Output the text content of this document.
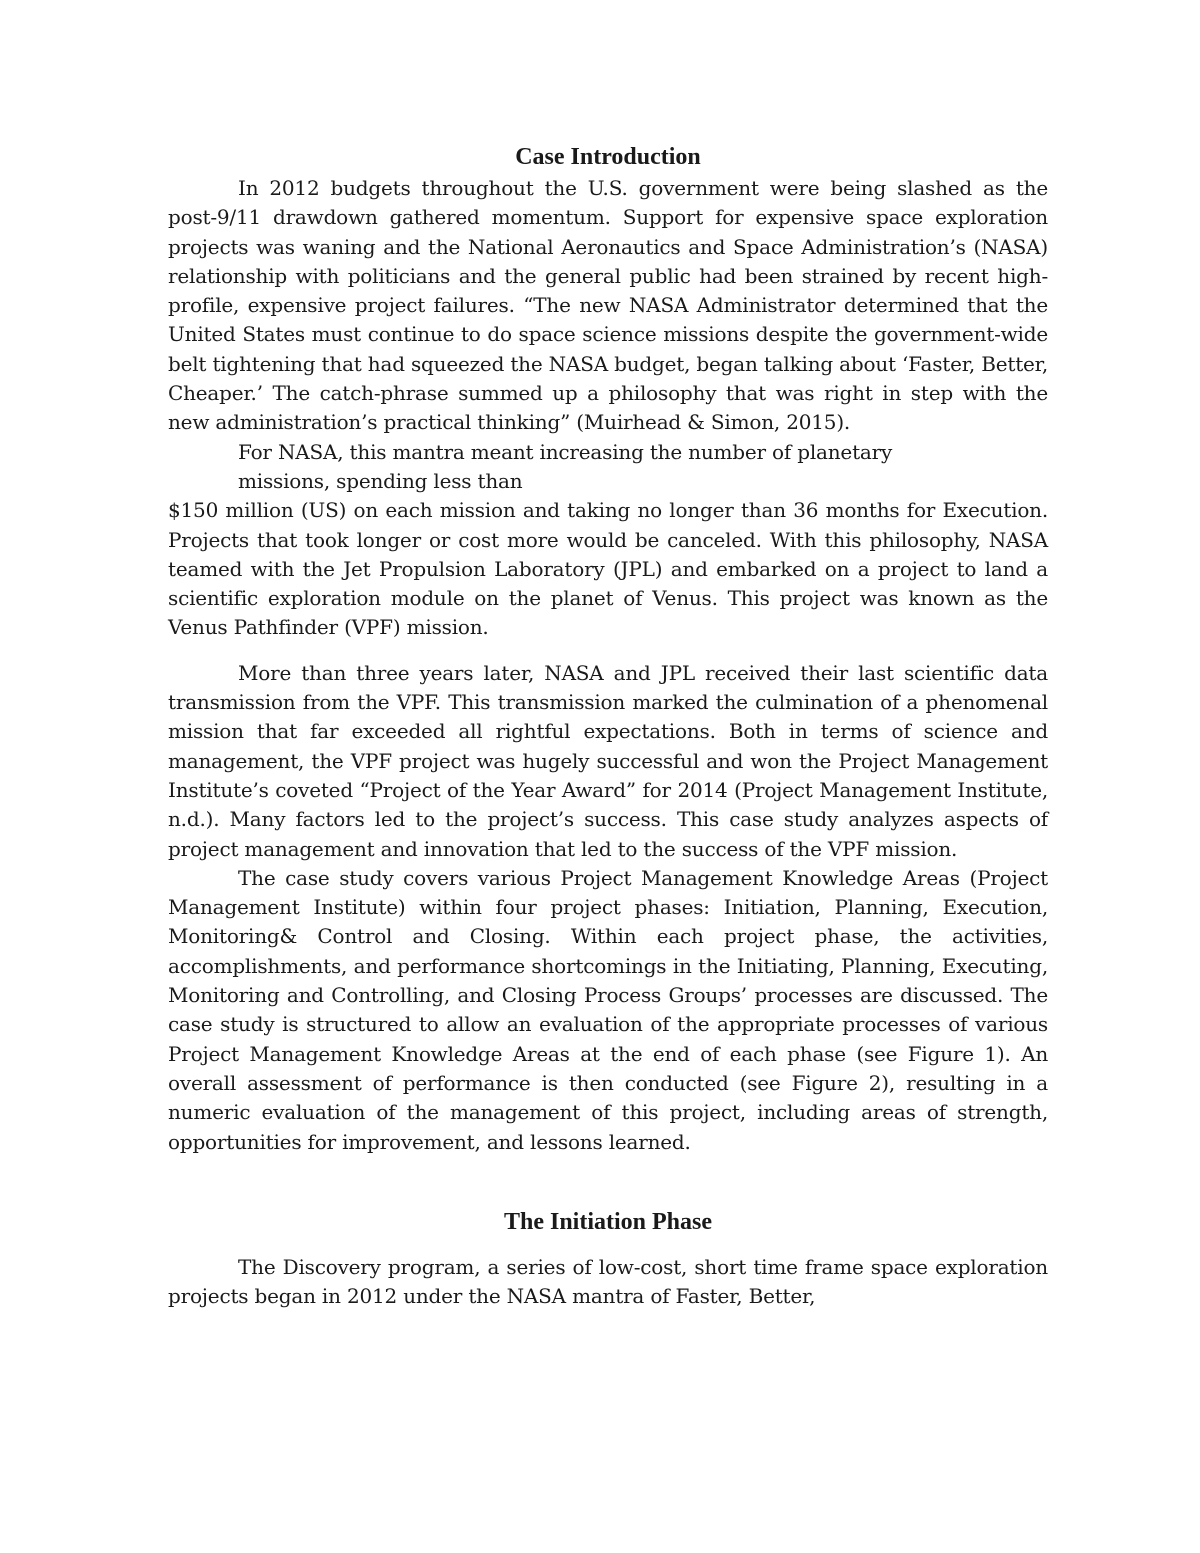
Case Introduction

In 2012 budgets throughout the U.S. government were being slashed as the post-9/11 drawdown gathered momentum. Support for expensive space exploration projects was waning and the National Aeronautics and Space Administration’s (NASA) relationship with politicians and the general public had been strained by recent high-profile, expensive project failures. “The new NASA Administrator determined that the United States must continue to do space science missions despite the government-wide belt tightening that had squeezed the NASA budget, began talking about ‘Faster, Better, Cheaper.’ The catch-phrase summed up a philosophy that was right in step with the new administration’s practical thinking” (Muirhead & Simon, 2015).

For NASA, this mantra meant increasing the number of planetary

missions, spending less than

$150 million (US) on each mission and taking no longer than 36 months for Execution. Projects that took longer or cost more would be canceled. With this philosophy, NASA teamed with the Jet Propulsion Laboratory (JPL) and embarked on a project to land a scientific exploration module on the planet of Venus. This project was known as the Venus Pathfinder (VPF) mission.

More than three years later, NASA and JPL received their last scientific data transmission from the VPF. This transmission marked the culmination of a phenomenal mission that far exceeded all rightful expectations. Both in terms of science and management, the VPF project was hugely successful and won the Project Management Institute’s coveted “Project of the Year Award” for 2014 (Project Management Institute, n.d.). Many factors led to the project’s success. This case study analyzes aspects of project management and innovation that led to the success of the VPF mission.

The case study covers various Project Management Knowledge Areas (Project Management Institute) within four project phases: Initiation, Planning, Execution, Monitoring& Control and Closing. Within each project phase, the activities, accomplishments, and performance shortcomings in the Initiating, Planning, Executing, Monitoring and Controlling, and Closing Process Groups’ processes are discussed. The case study is structured to allow an evaluation of the appropriate processes of various Project Management Knowledge Areas at the end of each phase (see Figure 1). An overall assessment of performance is then conducted (see Figure 2), resulting in a numeric evaluation of the management of this project, including areas of strength, opportunities for improvement, and lessons learned.

The Initiation Phase

The Discovery program, a series of low-cost, short time frame space exploration projects began in 2012 under the NASA mantra of Faster, Better,
